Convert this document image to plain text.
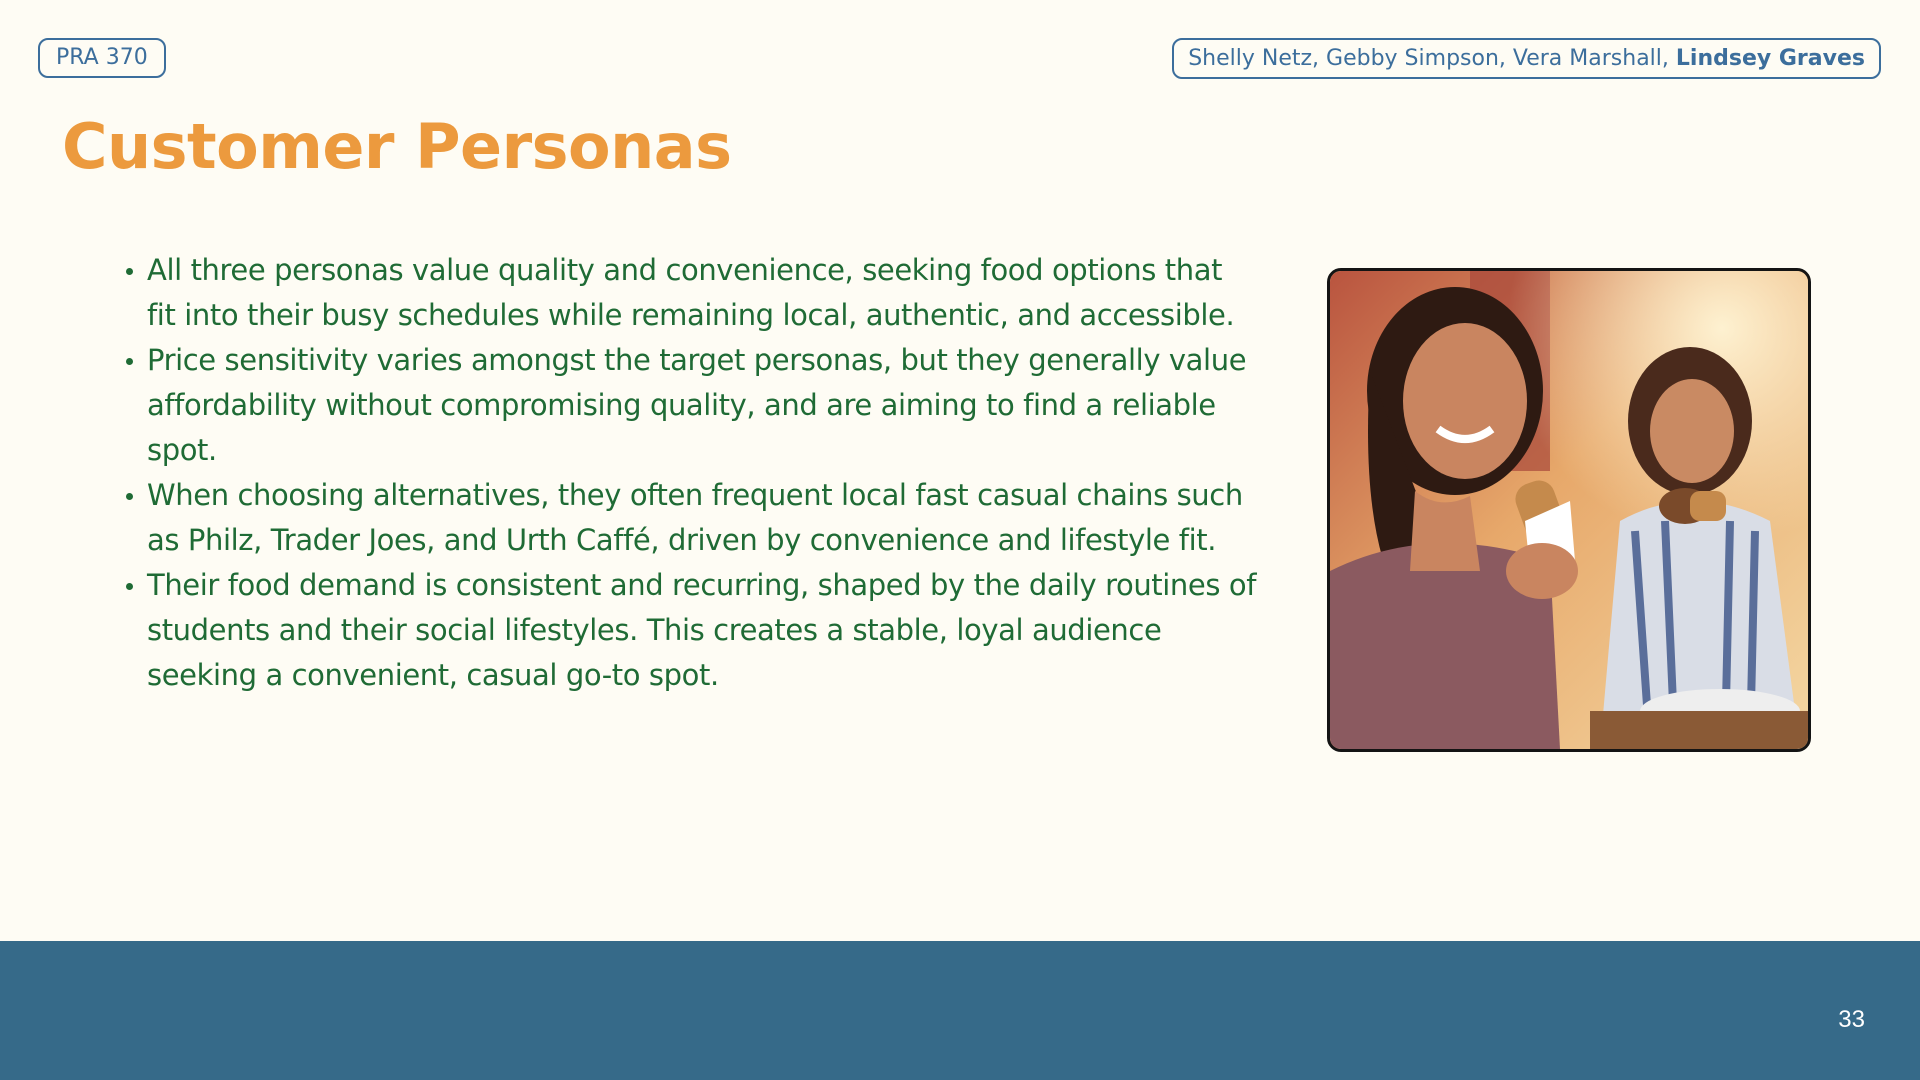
PRA 370	Shelly Netz, Gebby Simpson, Vera Marshall, Lindsey Graves
Customer Personas
All three personas value quality and convenience, seeking food options that fit into their busy schedules while remaining local, authentic, and accessible.
Price sensitivity varies amongst the target personas, but they generally value affordability without compromising quality, and are aiming to find a reliable spot.
When choosing alternatives, they often frequent local fast casual chains such as Philz, Trader Joes, and Urth Caffé, driven by convenience and lifestyle fit.
Their food demand is consistent and recurring, shaped by the daily routines of students and their social lifestyles. This creates a stable, loyal audience seeking a convenient, casual go-to spot.
33
